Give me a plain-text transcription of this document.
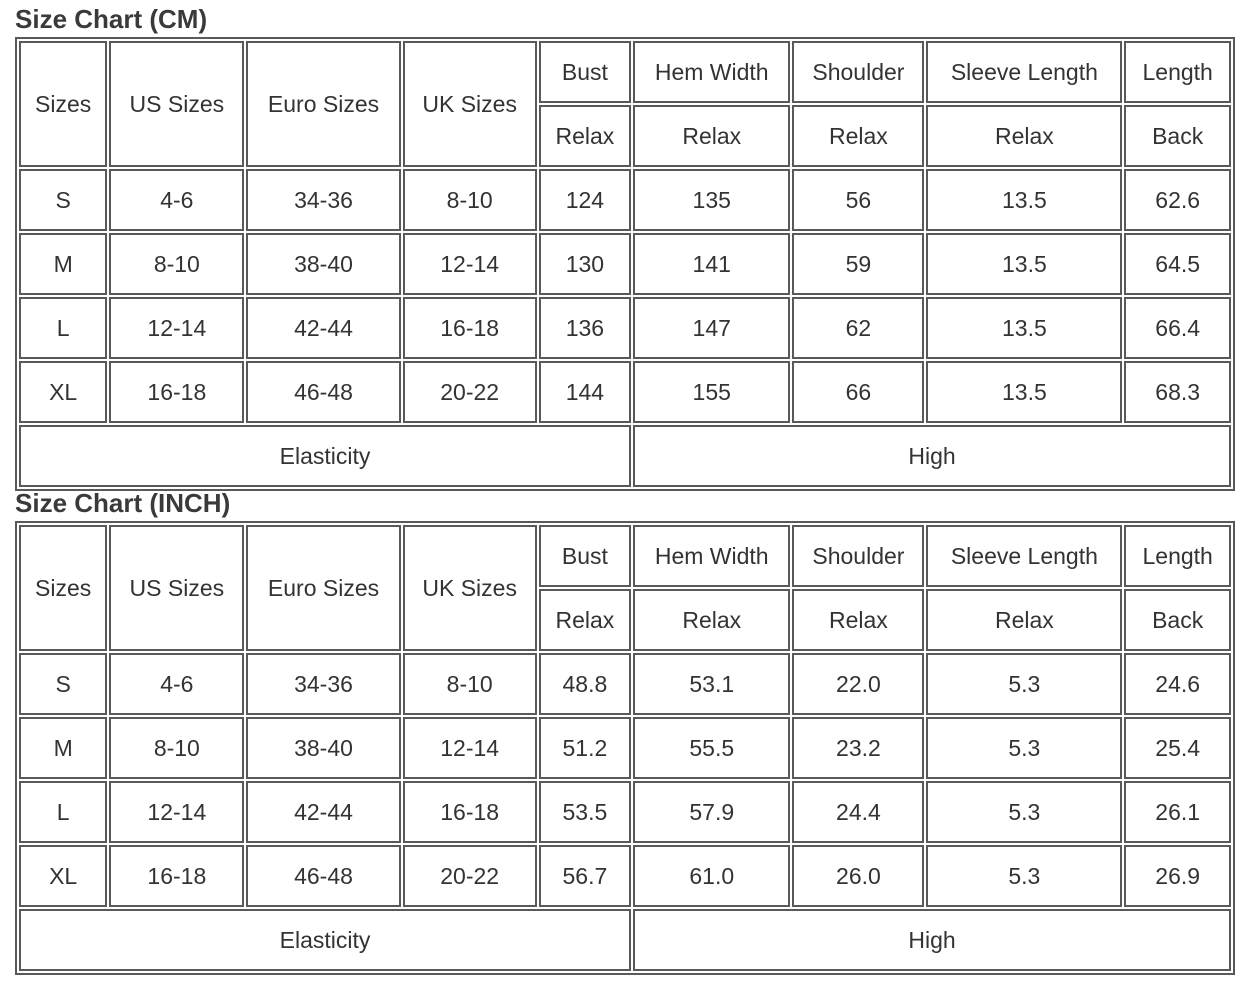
Size Chart (CM)
Sizes	US Sizes	Euro Sizes	UK Sizes	Bust	Hem Width	Shoulder	Sleeve Length	Length
				Relax	Relax	Relax	Relax	Back
S	4-6	34-36	8-10	124	135	56	13.5	62.6
M	8-10	38-40	12-14	130	141	59	13.5	64.5
L	12-14	42-44	16-18	136	147	62	13.5	66.4
XL	16-18	46-48	20-22	144	155	66	13.5	68.3
Elasticity					High			
Size Chart (INCH)
Sizes	US Sizes	Euro Sizes	UK Sizes	Bust	Hem Width	Shoulder	Sleeve Length	Length
				Relax	Relax	Relax	Relax	Back
S	4-6	34-36	8-10	48.8	53.1	22.0	5.3	24.6
M	8-10	38-40	12-14	51.2	55.5	23.2	5.3	25.4
L	12-14	42-44	16-18	53.5	57.9	24.4	5.3	26.1
XL	16-18	46-48	20-22	56.7	61.0	26.0	5.3	26.9
Elasticity					High			
